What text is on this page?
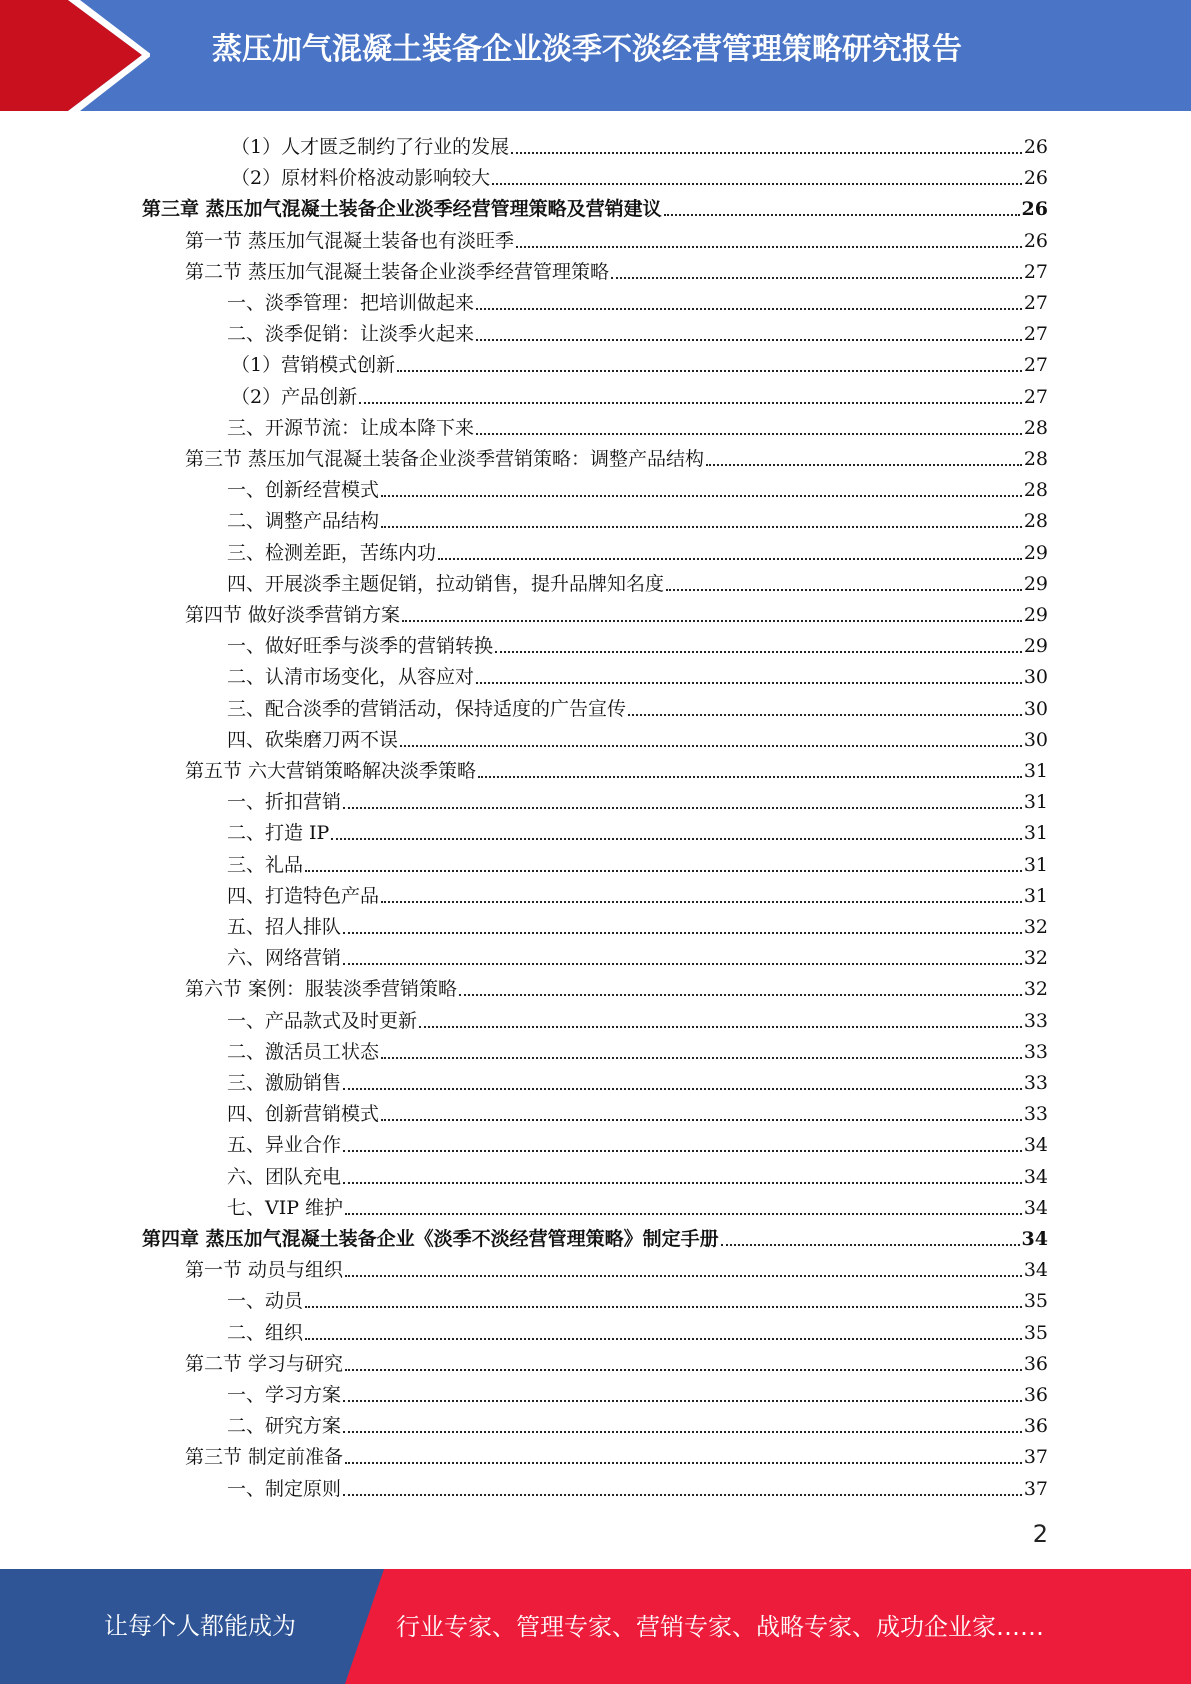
蒸压加气混凝土装备企业淡季不淡经营管理策略研究报告
（1）人才匮乏制约了行业的发展	26
（2）原材料价格波动影响较大	26
第三章 蒸压加气混凝土装备企业淡季经营管理策略及营销建议	26
第一节 蒸压加气混凝土装备也有淡旺季	26
第二节 蒸压加气混凝土装备企业淡季经营管理策略	27
一、淡季管理：把培训做起来	27
二、淡季促销：让淡季火起来	27
（1）营销模式创新	27
（2）产品创新	27
三、开源节流：让成本降下来	28
第三节 蒸压加气混凝土装备企业淡季营销策略：调整产品结构	28
一、创新经营模式	28
二、调整产品结构	28
三、检测差距，苦练内功	29
四、开展淡季主题促销，拉动销售，提升品牌知名度	29
第四节 做好淡季营销方案	29
一、做好旺季与淡季的营销转换	29
二、认清市场变化，从容应对	30
三、配合淡季的营销活动，保持适度的广告宣传	30
四、砍柴磨刀两不误	30
第五节 六大营销策略解决淡季策略	31
一、折扣营销	31
二、打造 IP	31
三、礼品	31
四、打造特色产品	31
五、招人排队	32
六、网络营销	32
第六节 案例：服装淡季营销策略	32
一、产品款式及时更新	33
二、激活员工状态	33
三、激励销售	33
四、创新营销模式	33
五、异业合作	34
六、团队充电	34
七、VIP 维护	34
第四章 蒸压加气混凝土装备企业《淡季不淡经营管理策略》制定手册	34
第一节 动员与组织	34
一、动员	35
二、组织	35
第二节 学习与研究	36
一、学习方案	36
二、研究方案	36
第三节 制定前准备	37
一、制定原则	37
2
让每个人都能成为	行业专家、管理专家、营销专家、战略专家、成功企业家……
